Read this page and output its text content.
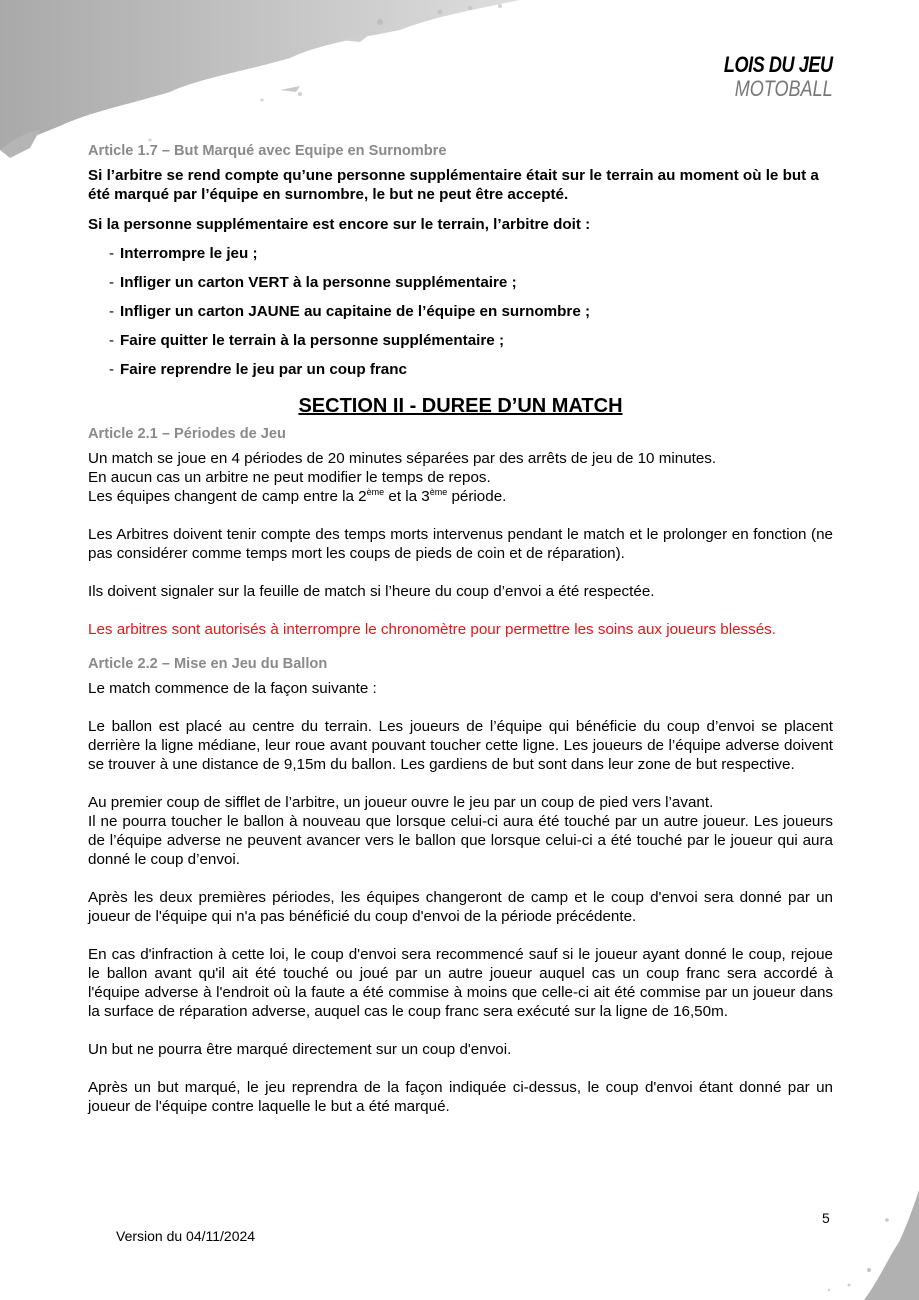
LOIS DU JEU
MOTOBALL
Article 1.7 – But Marqué avec Equipe en Surnombre

Si l’arbitre se rend compte qu’une personne supplémentaire était sur le terrain au moment où le but a été marqué par l’équipe en surnombre, le but ne peut être accepté.

Si la personne supplémentaire est encore sur le terrain, l’arbitre doit :

- Interrompre le jeu ;
- Infliger un carton VERT à la personne supplémentaire ;
- Infliger un carton JAUNE au capitaine de l’équipe en surnombre ;
- Faire quitter le terrain à la personne supplémentaire ;
- Faire reprendre le jeu par un coup franc
SECTION II - DUREE D’UN MATCH
Article 2.1 – Périodes de Jeu

Un match se joue en 4 périodes de 20 minutes séparées par des arrêts de jeu de 10 minutes.

En aucun cas un arbitre ne peut modifier le temps de repos.

Les équipes changent de camp entre la 2ème et la 3ème période.

Les Arbitres doivent tenir compte des temps morts intervenus pendant le match et le prolonger en fonction (ne pas considérer comme temps mort les coups de pieds de coin et de réparation).

Ils doivent signaler sur la feuille de match si l’heure du coup d’envoi a été respectée.

Les arbitres sont autorisés à interrompre le chronomètre pour permettre les soins aux joueurs blessés.

Article 2.2 – Mise en Jeu du Ballon

Le match commence de la façon suivante :

Le ballon est placé au centre du terrain. Les joueurs de l’équipe qui bénéficie du coup d’envoi se placent derrière la ligne médiane, leur roue avant pouvant toucher cette ligne. Les joueurs de l’équipe adverse doivent se trouver à une distance de 9,15m du ballon. Les gardiens de but sont dans leur zone de but respective.

Au premier coup de sifflet de l’arbitre, un joueur ouvre le jeu par un coup de pied vers l’avant.

Il ne pourra toucher le ballon à nouveau que lorsque celui-ci aura été touché par un autre joueur. Les joueurs de l’équipe adverse ne peuvent avancer vers le ballon que lorsque celui-ci a été touché par le joueur qui aura donné le coup d’envoi.

Après les deux premières périodes, les équipes changeront de camp et le coup d'envoi sera donné par un joueur de l'équipe qui n'a pas bénéficié du coup d'envoi de la période précédente.

En cas d'infraction à cette loi, le coup d'envoi sera recommencé sauf si le joueur ayant donné le coup, rejoue le ballon avant qu'il ait été touché ou joué par un autre joueur auquel cas un coup franc sera accordé à l'équipe adverse à l'endroit où la faute a été commise à moins que celle-ci ait été commise par un joueur dans la surface de réparation adverse, auquel cas le coup franc sera exécuté sur la ligne de 16,50m.

Un but ne pourra être marqué directement sur un coup d'envoi.

Après un but marqué, le jeu reprendra de la façon indiquée ci-dessus, le coup d'envoi étant donné par un joueur de l'équipe contre laquelle le but a été marqué.

Version du 04/11/2024
5
